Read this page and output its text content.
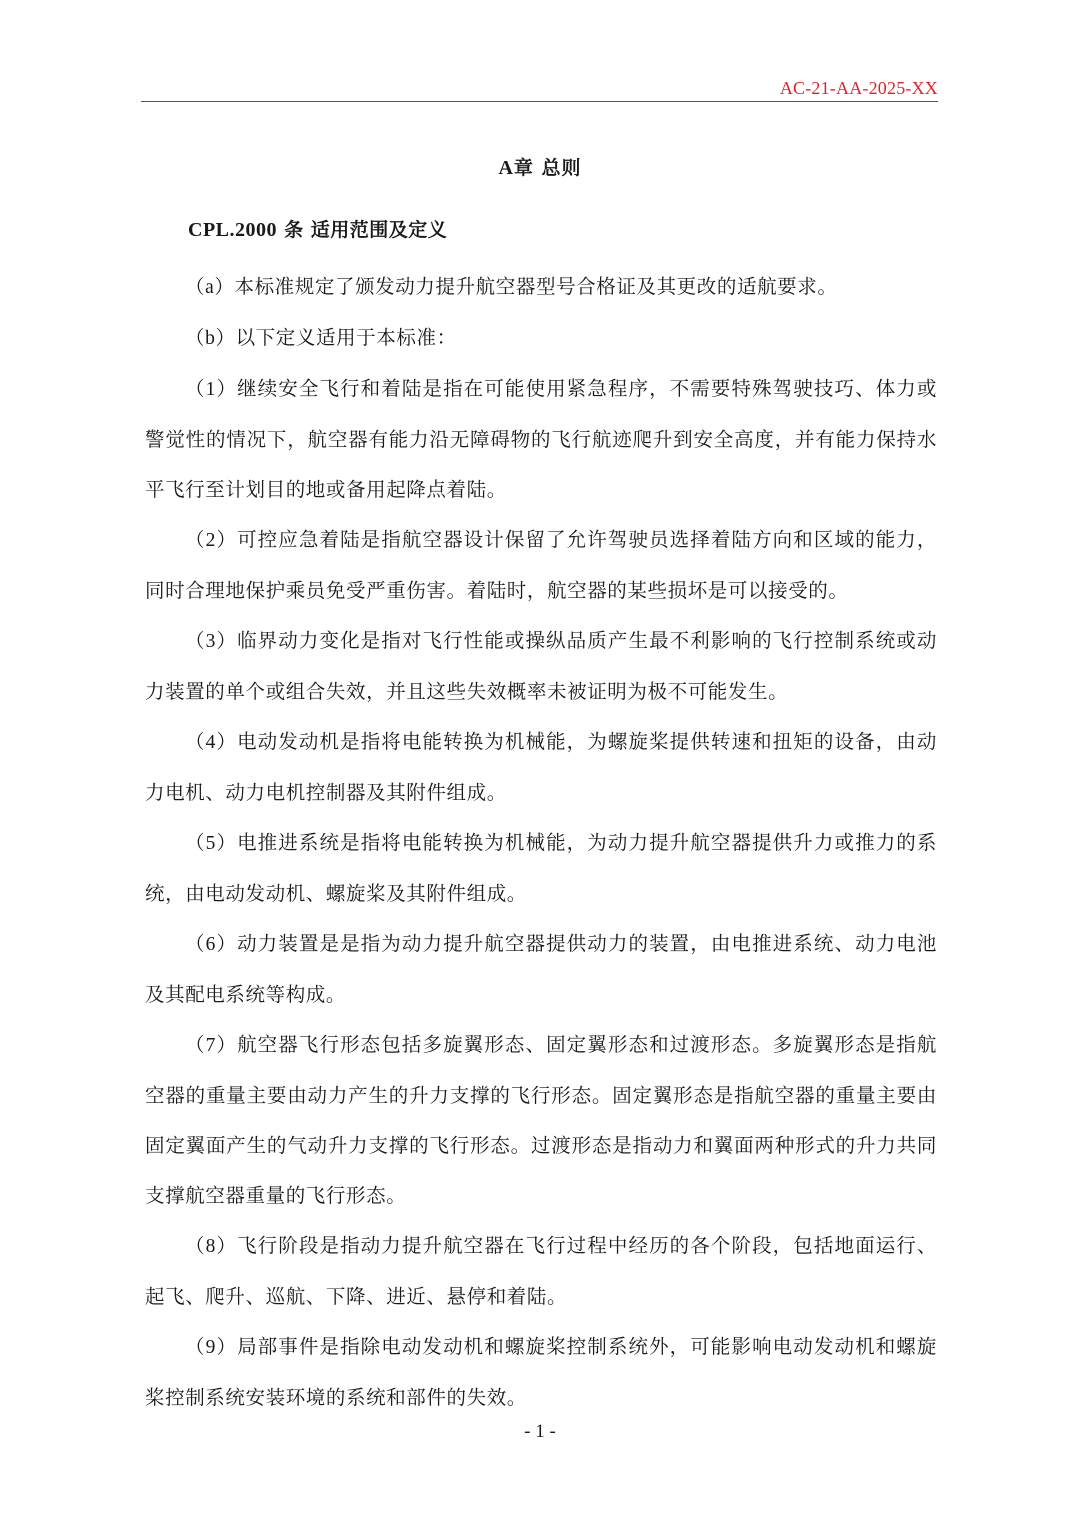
AC-21-AA-2025-XX
A章 总则
CPL.2000 条 适用范围及定义

（a）本标准规定了颁发动力提升航空器型号合格证及其更改的适航要求。

（b）以下定义适用于本标准：

（1）继续安全飞行和着陆是指在可能使用紧急程序，不需要特殊驾驶技巧、体力或警觉性的情况下，航空器有能力沿无障碍物的飞行航迹爬升到安全高度，并有能力保持水平飞行至计划目的地或备用起降点着陆。

（2）可控应急着陆是指航空器设计保留了允许驾驶员选择着陆方向和区域的能力，同时合理地保护乘员免受严重伤害。着陆时，航空器的某些损坏是可以接受的。

（3）临界动力变化是指对飞行性能或操纵品质产生最不利影响的飞行控制系统或动力装置的单个或组合失效，并且这些失效概率未被证明为极不可能发生。

（4）电动发动机是指将电能转换为机械能，为螺旋桨提供转速和扭矩的设备，由动力电机、动力电机控制器及其附件组成。

（5）电推进系统是指将电能转换为机械能，为动力提升航空器提供升力或推力的系统，由电动发动机、螺旋桨及其附件组成。

（6）动力装置是是指为动力提升航空器提供动力的装置，由电推进系统、动力电池及其配电系统等构成。

（7）航空器飞行形态包括多旋翼形态、固定翼形态和过渡形态。多旋翼形态是指航空器的重量主要由动力产生的升力支撑的飞行形态。固定翼形态是指航空器的重量主要由固定翼面产生的气动升力支撑的飞行形态。过渡形态是指动力和翼面两种形式的升力共同支撑航空器重量的飞行形态。

（8）飞行阶段是指动力提升航空器在飞行过程中经历的各个阶段，包括地面运行、起飞、爬升、巡航、下降、进近、悬停和着陆。

（9）局部事件是指除电动发动机和螺旋桨控制系统外，可能影响电动发动机和螺旋桨控制系统安装环境的系统和部件的失效。

- 1 -
